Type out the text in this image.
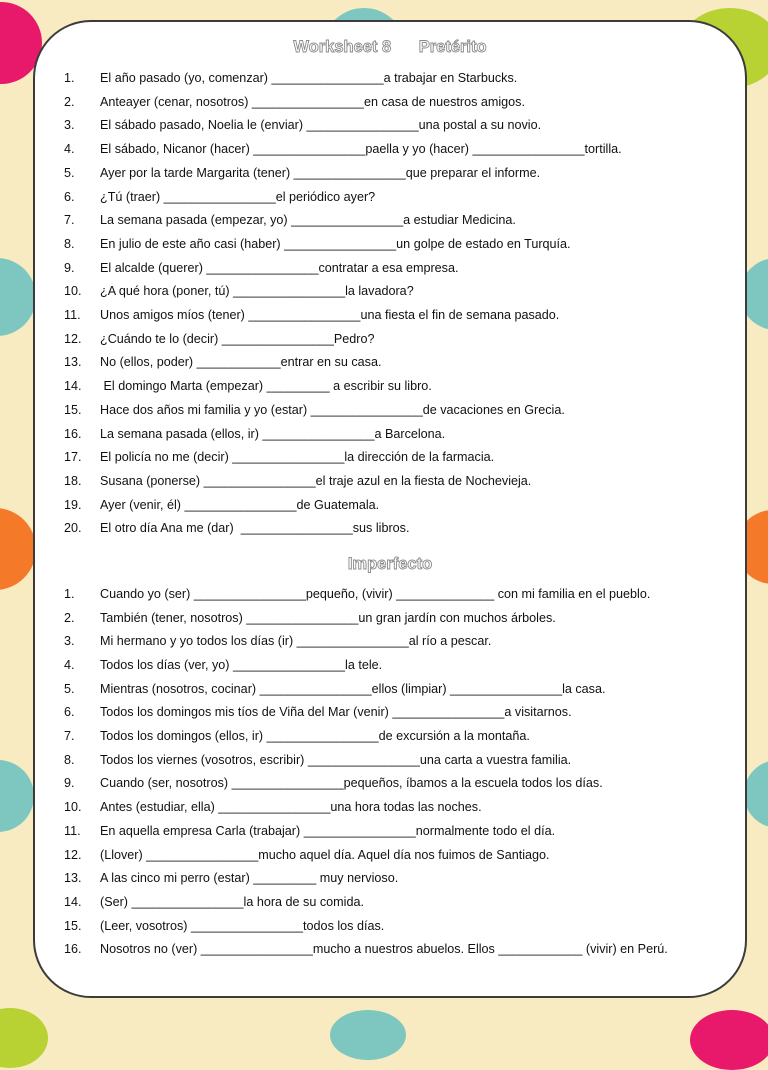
Worksheet 8      Pretérito
1. El año pasado (yo, comenzar) ________________a trabajar en Starbucks.
2. Anteayer (cenar, nosotros) ________________en casa de nuestros amigos.
3. El sábado pasado, Noelia le (enviar) ________________una postal a su novio.
4. El sábado, Nicanor (hacer) ________________paella y yo (hacer) ________________tortilla.
5. Ayer por la tarde Margarita (tener) ________________que preparar el informe.
6. ¿Tú (traer) ________________el periódico ayer?
7. La semana pasada (empezar, yo) ________________a estudiar Medicina.
8. En julio de este año casi (haber) ________________un golpe de estado en Turquía.
9. El alcalde (querer) ________________contratar a esa empresa.
10. ¿A qué hora (poner, tú) ________________la lavadora?
11. Unos amigos míos (tener) ________________una fiesta el fin de semana pasado.
12. ¿Cuándo te lo (decir) ________________Pedro?
13. No (ellos, poder) ____________entrar en su casa.
14. El domingo Marta (empezar) _________ a escribir su libro.
15. Hace dos años mi familia y yo (estar) ________________de vacaciones en Grecia.
16. La semana pasada (ellos, ir) ________________a Barcelona.
17. El policía no me (decir) ________________la dirección de la farmacia.
18. Susana (ponerse) ________________el traje azul en la fiesta de Nochevieja.
19. Ayer (venir, él) ________________de Guatemala.
20. El otro día Ana me (dar)  ________________sus libros.
Imperfecto
1. Cuando yo (ser) ________________pequeño, (vivir) ______________ con mi familia en el pueblo.
2. También (tener, nosotros) ________________un gran jardín con muchos árboles.
3. Mi hermano y yo todos los días (ir) ________________al río a pescar.
4. Todos los días (ver, yo) ________________la tele.
5. Mientras (nosotros, cocinar) ________________ellos (limpiar) ________________la casa.
6. Todos los domingos mis tíos de Viña del Mar (venir) ________________a visitarnos.
7. Todos los domingos (ellos, ir) ________________de excursión a la montaña.
8. Todos los viernes (vosotros, escribir) ________________una carta a vuestra familia.
9. Cuando (ser, nosotros) ________________pequeños, íbamos a la escuela todos los días.
10. Antes (estudiar, ella) ________________una hora todas las noches.
11. En aquella empresa Carla (trabajar) ________________normalmente todo el día.
12. (Llover) ________________mucho aquel día. Aquel día nos fuimos de Santiago.
13. A las cinco mi perro (estar) _________ muy nervioso.
14. (Ser) ________________la hora de su comida.
15. (Leer, vosotros) ________________todos los días.
16. Nosotros no (ver) ________________mucho a nuestros abuelos. Ellos ____________ (vivir) en Perú.
